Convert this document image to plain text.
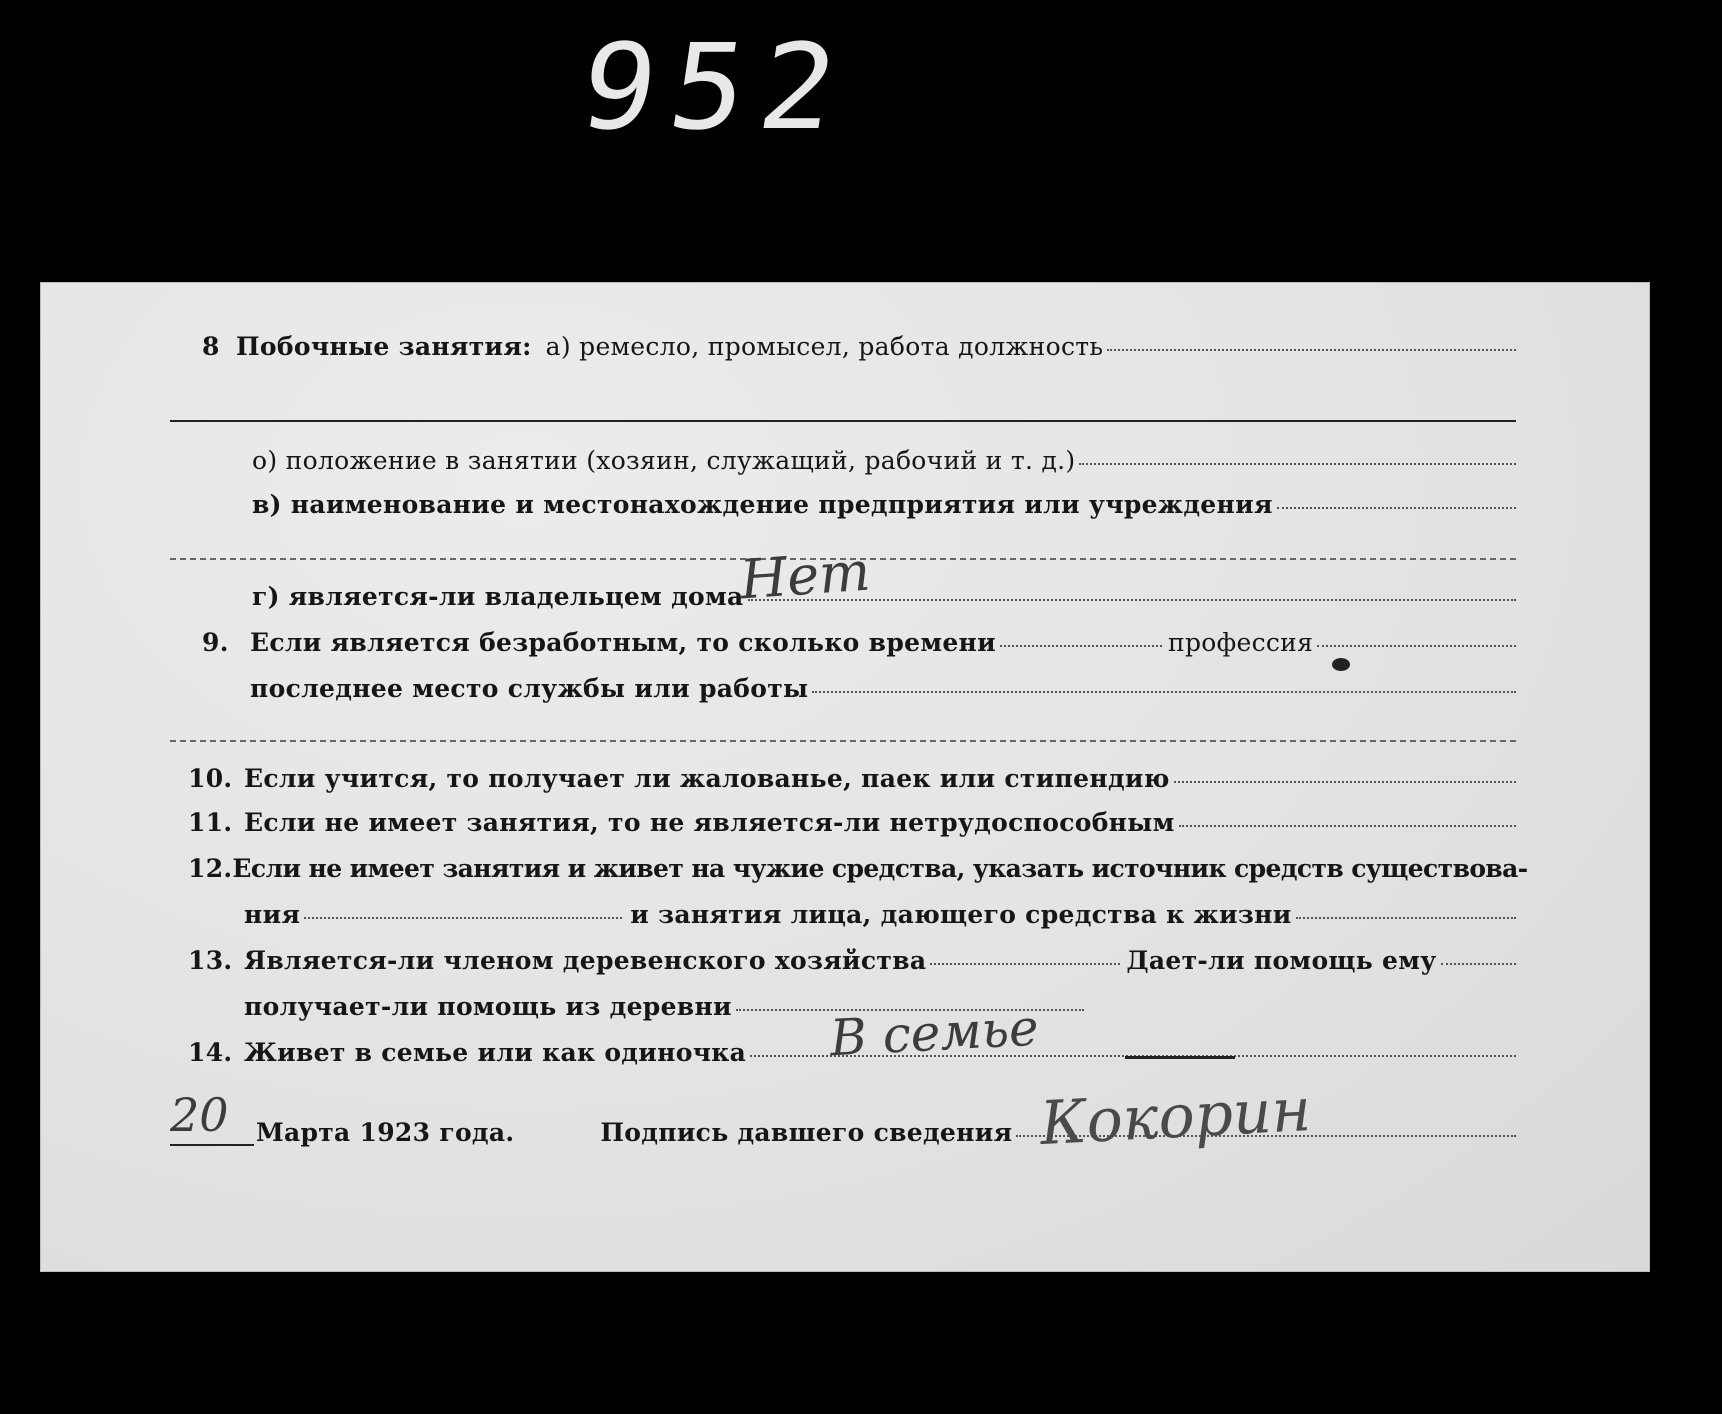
952
8 Побочные занятия: а) ремесло, промысел, работа должность
о) положение в занятии (хозяин, служащий, рабочий и т. д.)
в) наименование и местонахождение предприятия или учреждения
г) является-ли владельцем дома
Нет
9. Если является безработным, то сколько времени	профессия
последнее место службы или работы
10. Если учится, то получает ли жалованье, паек или стипендию
11. Если не имеет занятия, то не является-ли нетрудоспособным
12. Если не имеет занятия и живет на чужие средства, указать источник средств существова-
ния	и занятия лица, дающего средства к жизни
13. Является-ли членом деревенского хозяйства	Дает-ли помощь ему
получает-ли помощь из деревни
14. Живет в семье или как одиночка В семье
20 Марта 1923 года.	Подпись давшего сведения Кокорин
